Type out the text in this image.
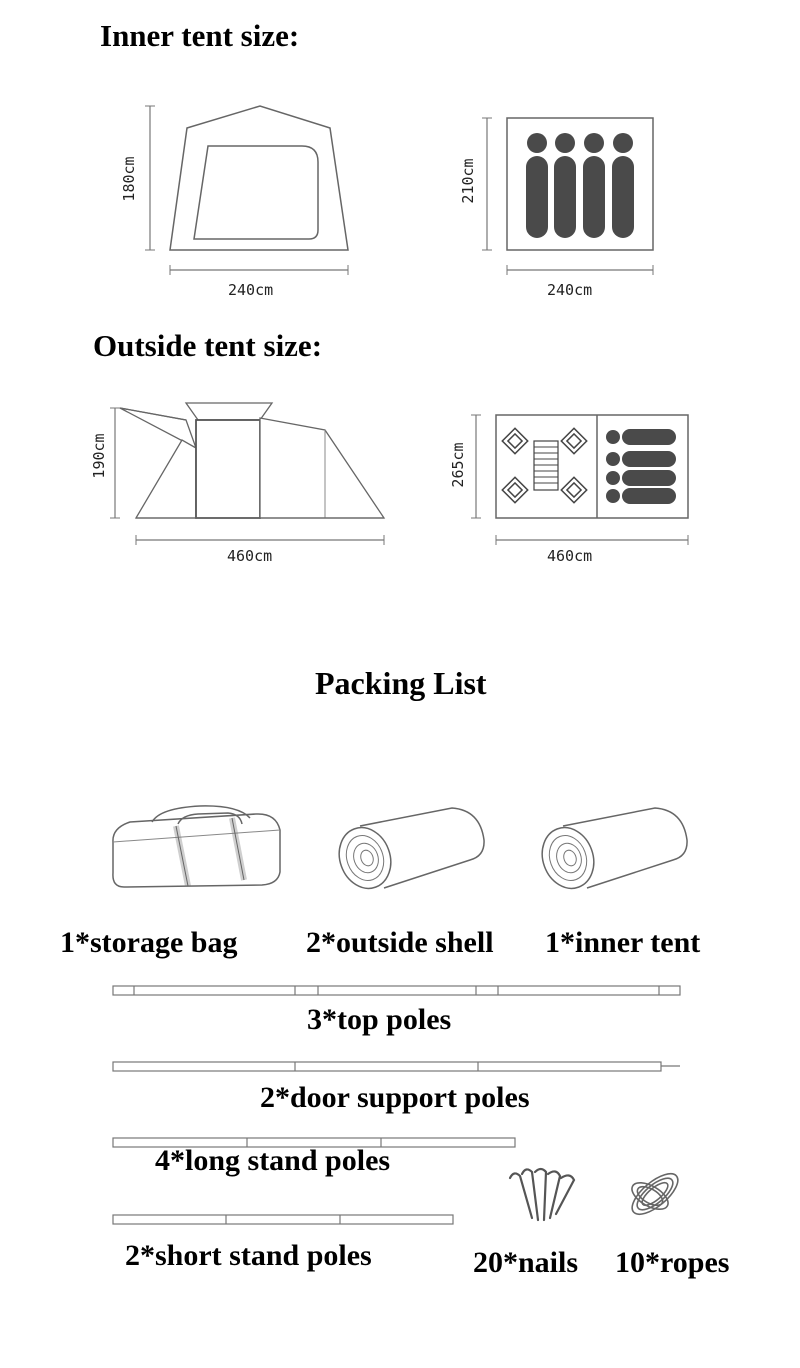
Inner tent size:
180cm
240cm
210cm
240cm
Outside tent size:
190cm
460cm
265cm
460cm
Packing List
1*storage bag 2*outside shell 1*inner tent
3*top poles
2*door support poles
4*long stand poles
2*short stand poles	20*nails 10*ropes
